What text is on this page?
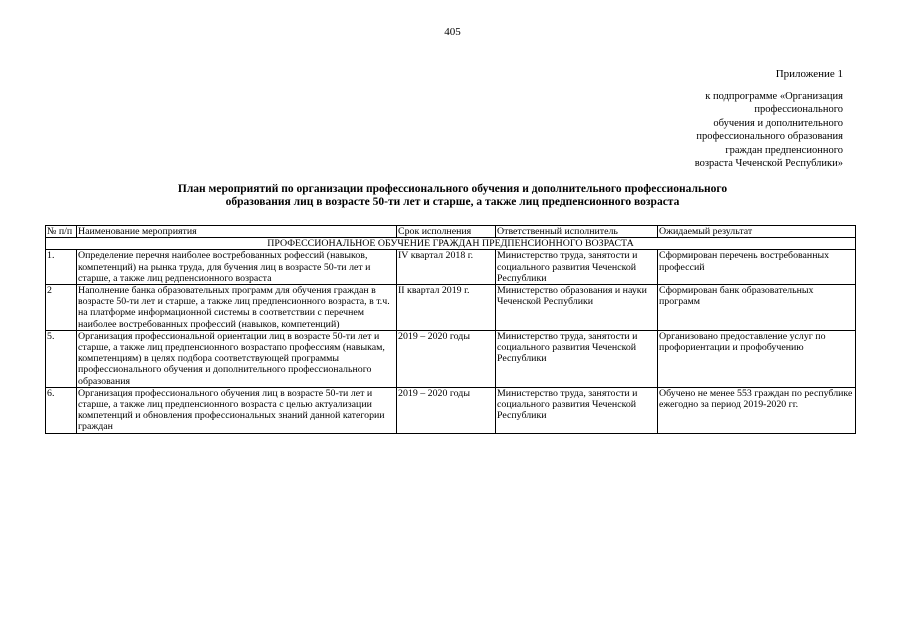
405
Приложение 1
к подпрограмме «Организация
профессионального
обучения и дополнительного
профессионального образования
граждан предпенсионного
возраста Чеченской Республики»
План мероприятий по организации профессионального обучения и дополнительного профессионального
образования лиц в возрасте 50-ти лет и старше, а также лиц предпенсионного возраста
№ п/п	Наименование мероприятия	Срок исполнения	Ответственный исполнитель	Ожидаемый результат
ПРОФЕССИОНАЛЬНОЕ ОБУЧЕНИЕ ГРАЖДАН ПРЕДПЕНСИОННОГО ВОЗРАСТА				
1.	Определение перечня наиболее востребованных рофессий (навыков, компетенций) на рынка труда, для бучения лиц в возрасте 50-ти лет и старше, а также лиц редпенсионного возраста	IV квартал 2018 г.	Министерство труда, занятости и социального развития Чеченской Республики	Сформирован перечень востребованных профессий
2	Наполнение банка образовательных программ для обучения граждан в возрасте 50-ти лет и старше, а также лиц предпенсионного возраста, в т.ч. на платформе информационной системы в соответствии с перечнем наиболее востребованных профессий (навыков, компетенций)	II квартал 2019 г.	Министерство образования и науки Чеченской Республики	Сформирован банк образовательных программ
5.	Организация профессиональной ориентации лиц в возрасте 50-ти лет и старше, а также лиц предпенсионного возрастапо профессиям (навыкам, компетенциям) в целях подбора соответствующей программы профессионального обучения и дополнительного профессионального образования	2019 – 2020 годы	Министерство труда, занятости и социального развития Чеченской Республики	Организовано предоставление услуг по профориентации и профобучению
6.	Организация профессионального обучения лиц в возрасте 50-ти лет и старше, а также лиц предпенсионного возраста с целью актуализации компетенций и обновления профессиональных знаний данной категории граждан	2019 – 2020 годы	Министерство труда, занятости и социального развития Чеченской Республики	Обучено не менее 553 граждан по республике ежегодно за период 2019-2020 гг.
